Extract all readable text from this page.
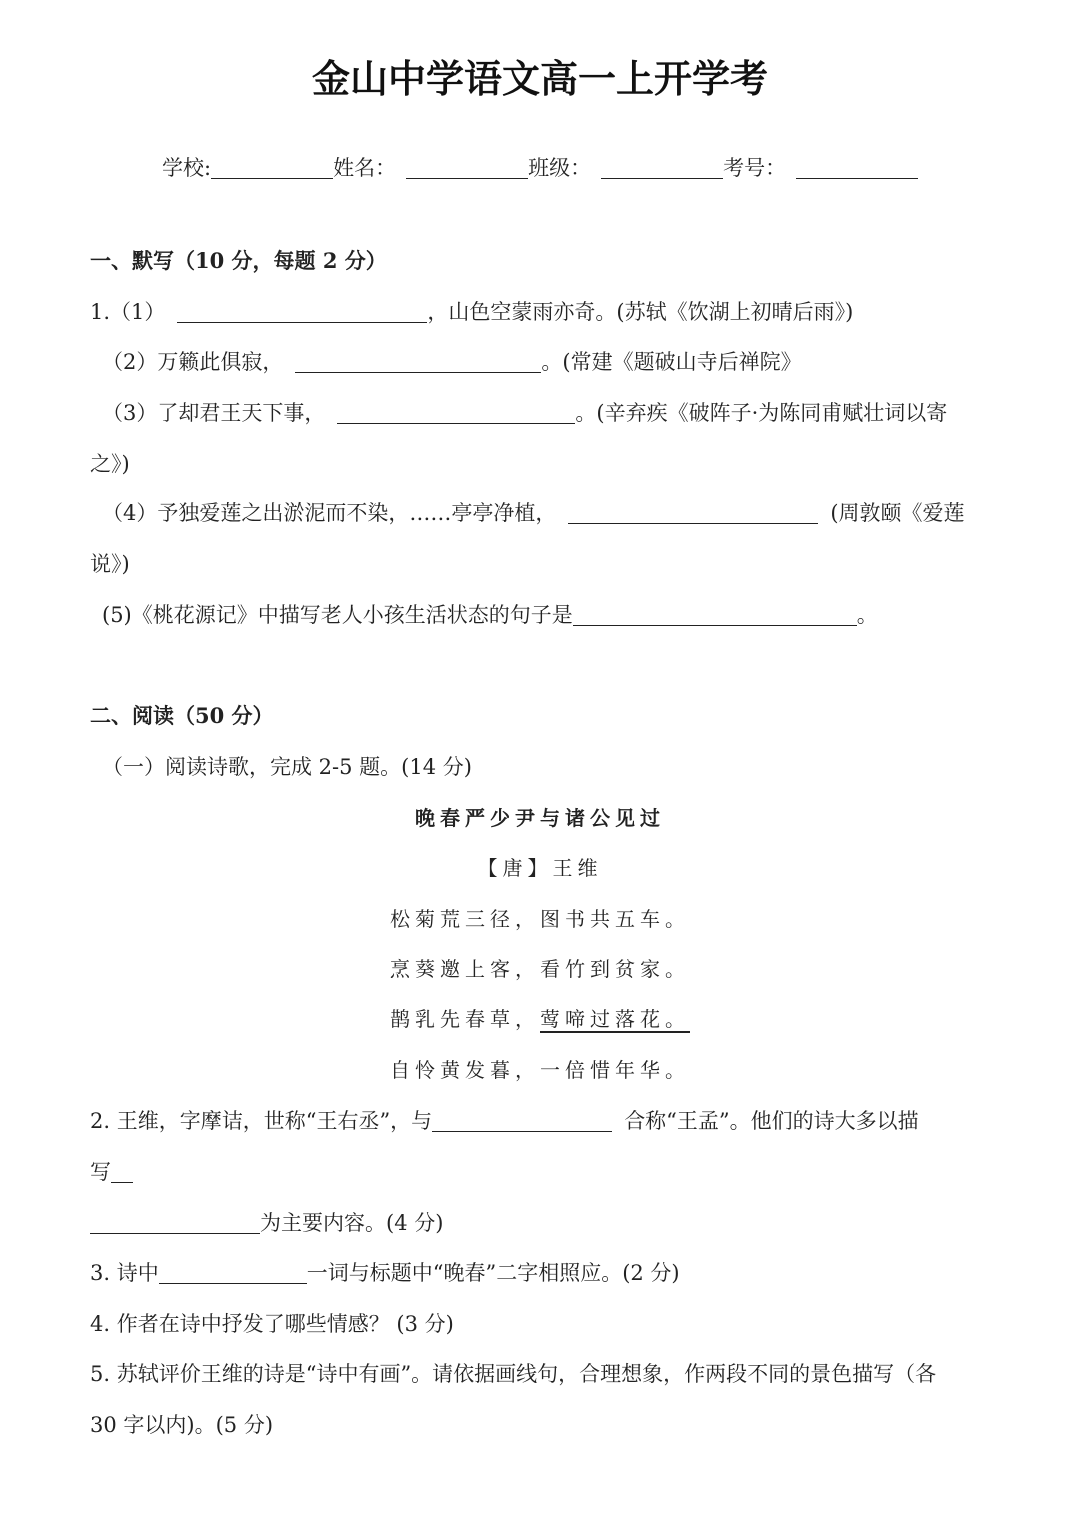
金山中学语文高一上开学考
学校:	姓名：	班级：	考号：
一、默写（10 分，每题 2 分）
1.（1）	，山色空蒙雨亦奇。(苏轼《饮湖上初晴后雨》)
（2）万籁此俱寂，	。(常建《题破山寺后禅院》
（3）了却君王天下事，	。(辛弃疾《破阵子·为陈同甫赋壮词以寄
之》)
（4）予独爱莲之出淤泥而不染，……亭亭净植，	(周敦颐《爱莲
说》)
(5)《桃花源记》中描写老人小孩生活状态的句子是	。
二、阅读（50 分）
（一）阅读诗歌，完成 2-5 题。(14 分)
晚春严少尹与诸公见过
【唐】王维
松菊荒三径，图书共五车。
烹葵邀上客，看竹到贫家。
鹊乳先春草，莺啼过落花。
自怜黄发暮，一倍惜年华。
2. 王维，字摩诘，世称“王右丞”，与	合称“王孟”。他们的诗大多以描
写
为主要内容。(4 分)
3. 诗中	一词与标题中“晚春”二字相照应。(2 分)
4. 作者在诗中抒发了哪些情感？ (3 分)
5. 苏轼评价王维的诗是“诗中有画”。请依据画线句，合理想象，作两段不同的景色描写（各
30 字以内)。(5 分)
